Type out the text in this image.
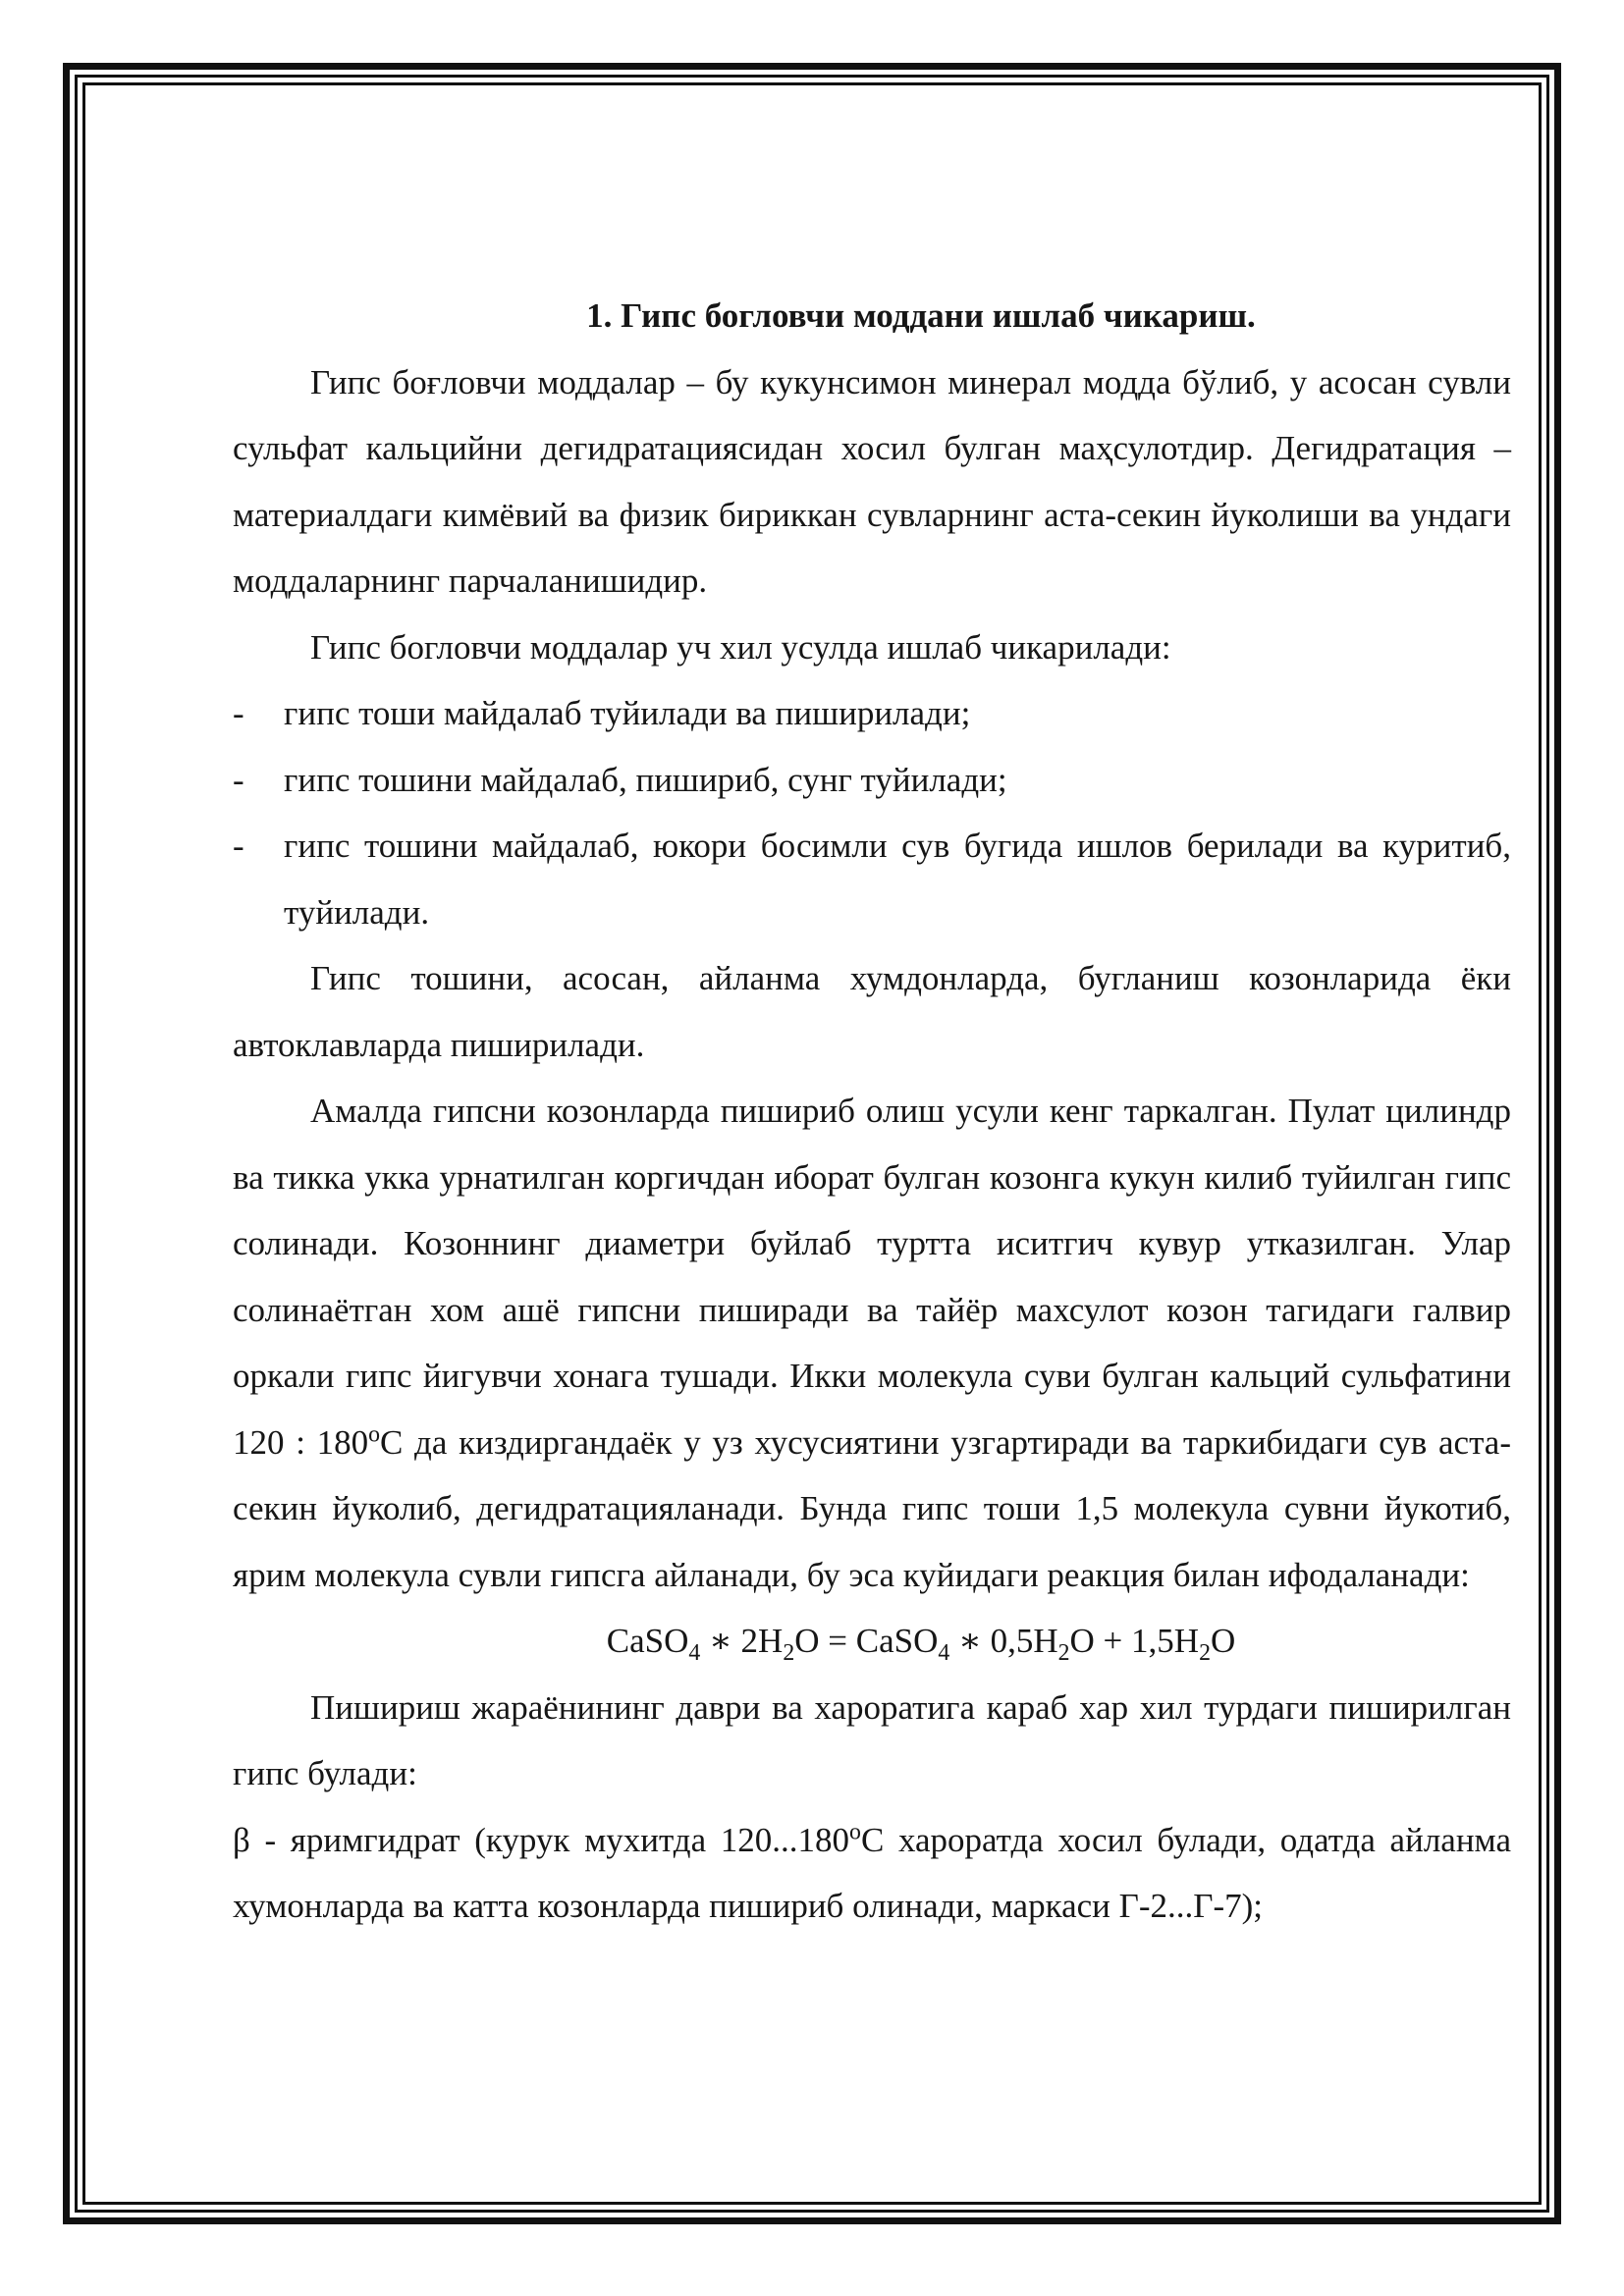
1. Гипс богловчи моддани ишлаб чикариш.

Гипс боғловчи моддалар – бу кукунсимон минерал модда бўлиб, у асосан сувли сульфат кальцийни дегидратациясидан хосил булган маҳсулотдир. Дегидратация – материалдаги кимёвий ва физик бириккан сувларнинг аста-секин йуколиши ва ундаги моддаларнинг парчаланишидир.

Гипс богловчи моддалар уч хил усулда ишлаб чикарилади:

-	гипс тоши майдалаб туйилади ва пиширилади;
-	гипс тошини майдалаб, пишириб, сунг туйилади;
-	гипс тошини майдалаб, юкори босимли сув бугида ишлов берилади ва куритиб, туйилади.

Гипс тошини, асосан, айланма хумдонларда, бугланиш козонларида ёки автоклавларда пиширилади.

Амалда гипсни козонларда пишириб олиш усули кенг таркалган. Пулат цилиндр ва тикка укка урнатилган коргичдан иборат булган козонга кукун килиб туйилган гипс солинади. Козоннинг диаметри буйлаб туртта иситгич кувур утказилган. Улар солинаётган хом ашё гипсни пиширади ва тайёр махсулот козон тагидаги галвир оркали гипс йигувчи хонага тушади. Икки молекула суви булган кальций сульфатини 120 : 180$^o$С да киздиргандаёк у уз хусусиятини узгартиради ва таркибидаги сув аста-секин йуколиб, дегидратацияланади. Бунда гипс тоши 1,5 молекула сувни йукотиб, ярим молекула сувли гипсга айланади, бу эса куйидаги реакция билан ифодаланади:

CaSO$_4$ ∗ $2H_2O$ = CaSO$_4$ ∗ $0,5H_2O + 1,5H_2O$

Пишириш жараёнининг даври ва хароратига караб хар хил турдаги пиширилган гипс булади:

β - яримгидрат (курук мухитда 120...180$^o$С хароратда хосил булади, одатда айланма хумонларда ва катта козонларда пишириб олинади, маркаси Г-2...Г-7);
